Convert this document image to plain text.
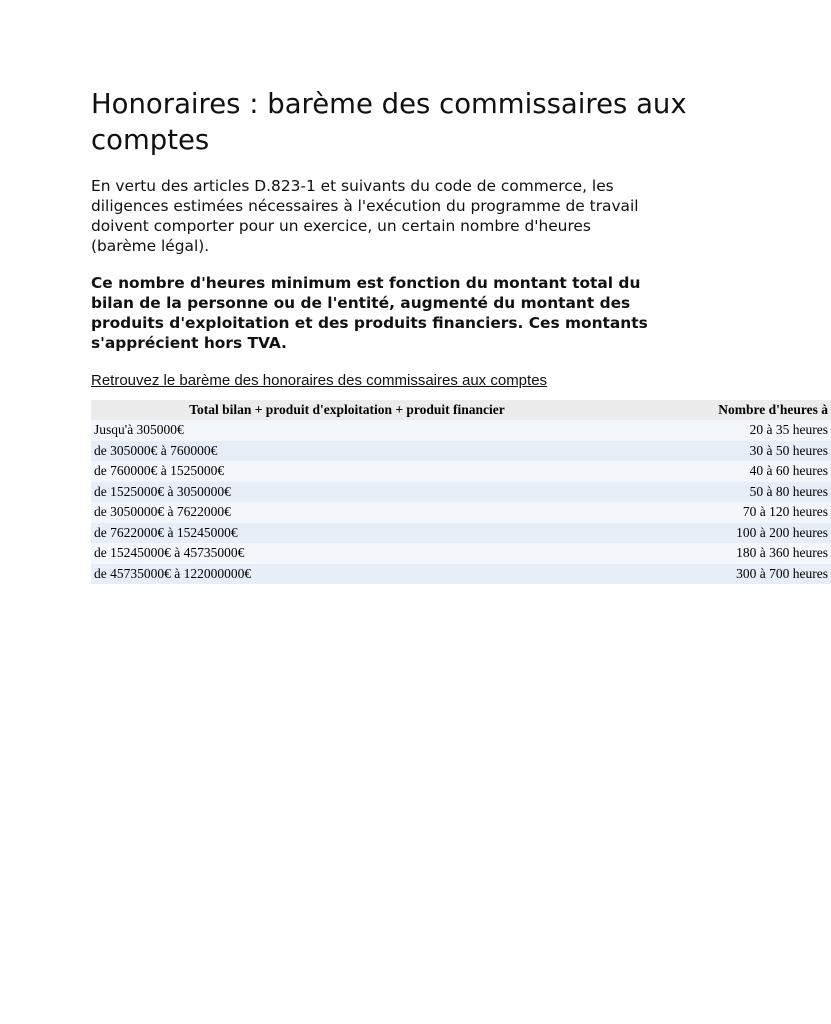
Honoraires : barème des commissaires aux comptes

En vertu des articles D.823-1 et suivants du code de commerce, les diligences estimées nécessaires à l'exécution du programme de travail doivent comporter pour un exercice, un certain nombre d'heures (barème légal).

Ce nombre d'heures minimum est fonction du montant total du bilan de la personne ou de l'entité, augmenté du montant des produits d'exploitation et des produits financiers. Ces montants s'apprécient hors TVA.

Retrouvez le barème des honoraires des commissaires aux comptes
Total bilan + produit d'exploitation + produit financier	Nombre d'heures à
Jusqu'à 305000€	20 à 35 heures
de 305000€ à 760000€	30 à 50 heures
de 760000€ à 1525000€	40 à 60 heures
de 1525000€ à 3050000€	50 à 80 heures
de 3050000€ à 7622000€	70 à 120 heures
de 7622000€ à 15245000€	100 à 200 heures
de 15245000€ à 45735000€	180 à 360 heures
de 45735000€ à 122000000€	300 à 700 heures
